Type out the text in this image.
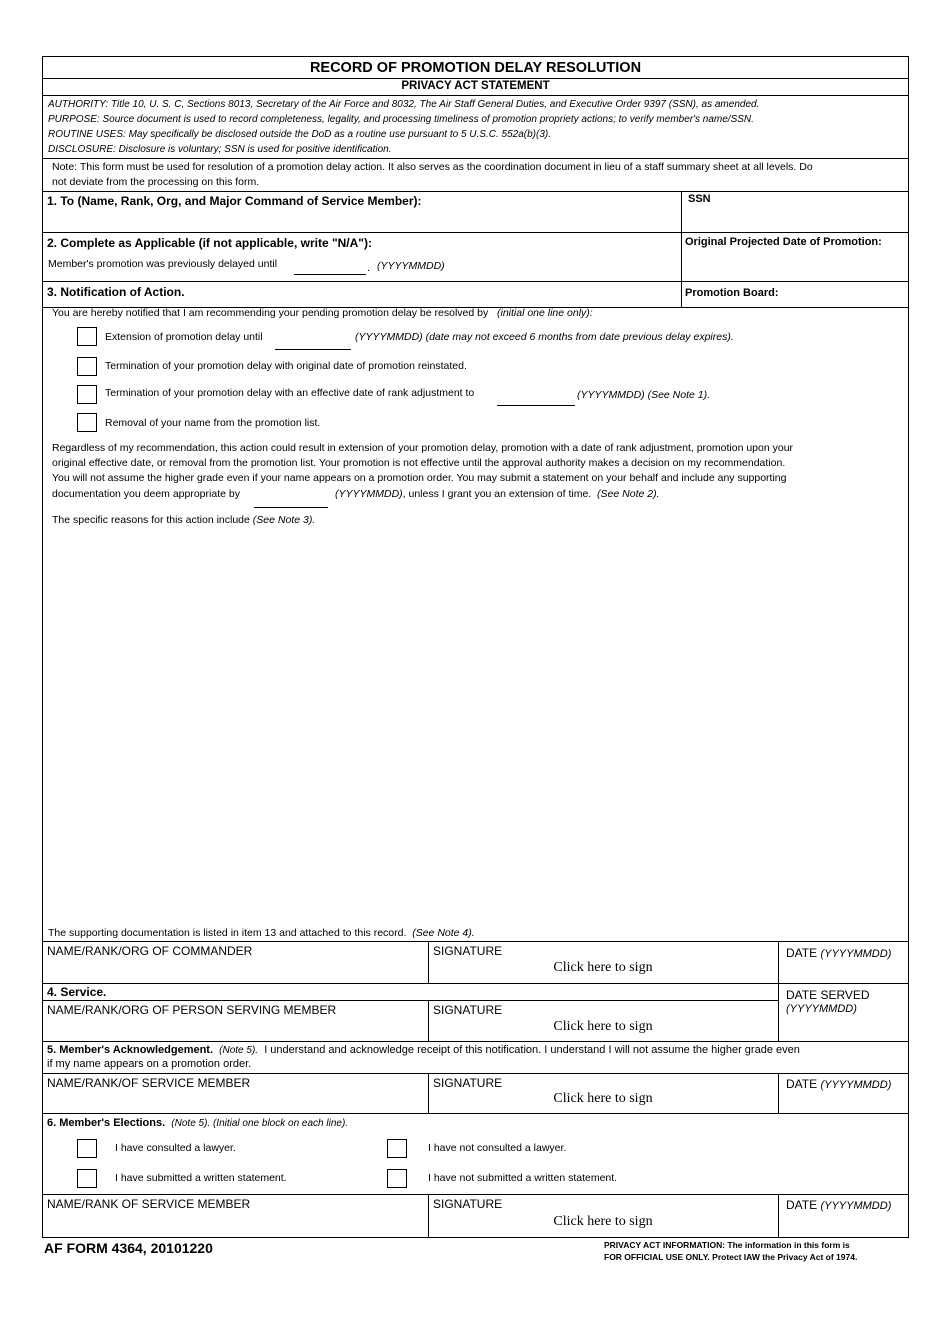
RECORD OF PROMOTION DELAY RESOLUTION
PRIVACY ACT STATEMENT
AUTHORITY: Title 10, U. S. C, Sections 8013, Secretary of the Air Force and 8032, The Air Staff General Duties, and Executive Order 9397 (SSN), as amended.
PURPOSE: Source document is used to record completeness, legality, and processing timeliness of promotion propriety actions; to verify member's name/SSN.
ROUTINE USES: May specifically be disclosed outside the DoD as a routine use pursuant to 5 U.S.C. 552a(b)(3).
DISCLOSURE: Disclosure is voluntary; SSN is used for positive identification.
Note: This form must be used for resolution of a promotion delay action. It also serves as the coordination document in lieu of a staff summary sheet at all levels. Do
not deviate from the processing on this form.
1. To (Name, Rank, Org, and Major Command of Service Member):	SSN
2. Complete as Applicable (if not applicable, write "N/A"):	Original Projected Date of Promotion:
Member's promotion was previously delayed until	. (YYYYMMDD)
3. Notification of Action.	Promotion Board:
You are hereby notified that I am recommending your pending promotion delay be resolved by (initial one line only):
Extension of promotion delay until	(YYYYMMDD) (date may not exceed 6 months from date previous delay expires).
Termination of your promotion delay with original date of promotion reinstated.
Termination of your promotion delay with an effective date of rank adjustment to	(YYYYMMDD) (See Note 1).
Removal of your name from the promotion list.
Regardless of my recommendation, this action could result in extension of your promotion delay, promotion with a date of rank adjustment, promotion upon your
original effective date, or removal from the promotion list. Your promotion is not effective until the approval authority makes a decision on my recommendation.
You will not assume the higher grade even if your name appears on a promotion order. You may submit a statement on your behalf and include any supporting
documentation you deem appropriate by	(YYYYMMDD), unless I grant you an extension of time. (See Note 2).
The specific reasons for this action include (See Note 3).
The supporting documentation is listed in item 13 and attached to this record. (See Note 4).
NAME/RANK/ORG OF COMMANDER	SIGNATURE
Click here to sign
DATE (YYYYMMDD)
4. Service.	DATE SERVED
(YYYYMMDD)
NAME/RANK/ORG OF PERSON SERVING MEMBER	SIGNATURE
Click here to sign
5. Member's Acknowledgement. (Note 5). I understand and acknowledge receipt of this notification. I understand I will not assume the higher grade even
if my name appears on a promotion order.
NAME/RANK/OF SERVICE MEMBER	SIGNATURE
Click here to sign
DATE (YYYYMMDD)
6. Member's Elections. (Note 5). (Initial one block on each line).
I have consulted a lawyer.	I have not consulted a lawyer.
I have submitted a written statement.	I have not submitted a written statement.
NAME/RANK OF SERVICE MEMBER	SIGNATURE
Click here to sign
DATE (YYYYMMDD)
AF FORM 4364, 20101220	PRIVACY ACT INFORMATION: The information in this form is
FOR OFFICIAL USE ONLY. Protect IAW the Privacy Act of 1974.
